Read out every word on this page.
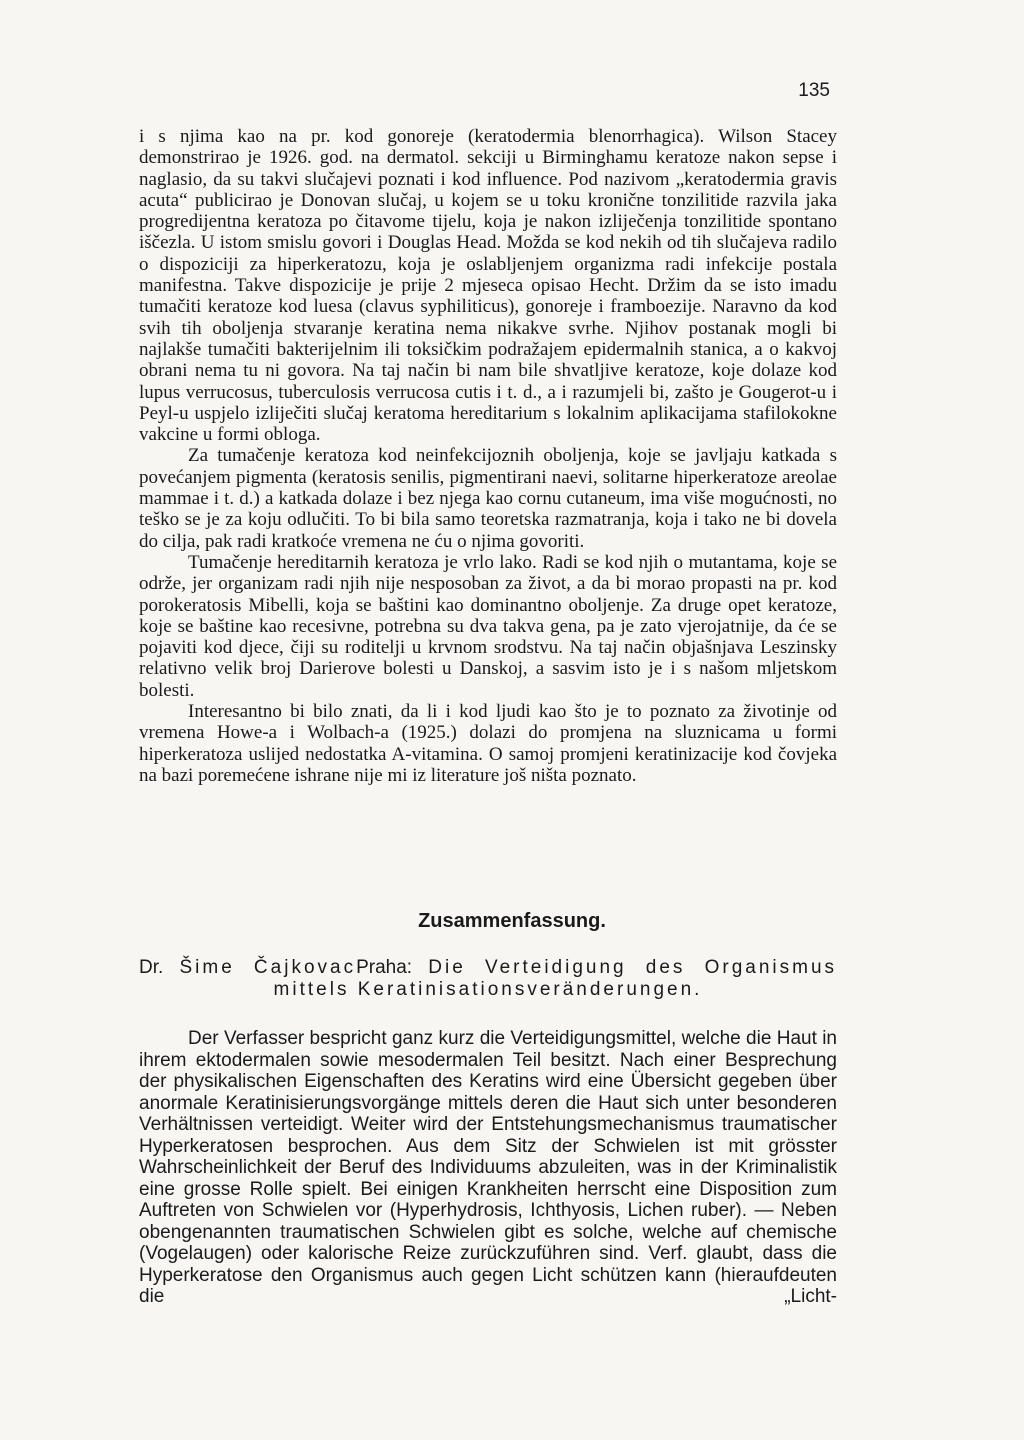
135

i s njima kao na pr. kod gonoreje (keratodermia blenorrhagica). Wilson Stacey demonstrirao je 1926. god. na dermatol. sekciji u Birminghamu keratoze nakon sepse i naglasio, da su takvi slučajevi poznati i kod influence. Pod nazivom „keratodermia gravis acuta“ publicirao je Donovan slučaj, u kojem se u toku kronične tonzilitide razvila jaka progredijentna keratoza po čitavome tijelu, koja je nakon izliječenja tonzilitide spontano iščezla. U istom smislu govori i Douglas Head. Možda se kod nekih od tih slučajeva radilo o dispoziciji za hiperkeratozu, koja je oslabljenjem organizma radi infekcije postala manifestna. Takve dispozicije je prije 2 mjeseca opisao Hecht. Držim da se isto imadu tumačiti keratoze kod luesa (clavus syphiliticus), gonoreje i framboezije. Naravno da kod svih tih oboljenja stvaranje keratina nema nikakve svrhe. Njihov postanak mogli bi najlakše tumačiti bakterijelnim ili toksičkim podražajem epidermalnih stanica, a o kakvoj obrani nema tu ni govora. Na taj način bi nam bile shvatljive keratoze, koje dolaze kod lupus verrucosus, tuberculosis verrucosa cutis i t. d., a i razumjeli bi, zašto je Gougerot-u i Peyl-u uspjelo izliječiti slučaj keratoma hereditarium s lokalnim aplikacijama stafilokokne vakcine u formi obloga.

Za tumačenje keratoza kod neinfekcijoznih oboljenja, koje se javljaju katkada s povećanjem pigmenta (keratosis senilis, pigmentirani naevi, solitarne hiperkeratoze areolae mammae i t. d.) a katkada dolaze i bez njega kao cornu cutaneum, ima više mogućnosti, no teško se je za koju odlučiti. To bi bila samo teoretska razmatranja, koja i tako ne bi dovela do cilja, pak radi kratkoće vremena ne ću o njima govoriti.

Tumačenje hereditarnih keratoza je vrlo lako. Radi se kod njih o mutantama, koje se održe, jer organizam radi njih nije nesposoban za život, a da bi morao propasti na pr. kod porokeratosis Mibelli, koja se baštini kao dominantno oboljenje. Za druge opet keratoze, koje se baštine kao recesivne, potrebna su dva takva gena, pa je zato vjerojatnije, da će se pojaviti kod djece, čiji su roditelji u krvnom srodstvu. Na taj način objašnjava Leszinsky relativno velik broj Darierove bolesti u Danskoj, a sasvim isto je i s našom mljetskom bolesti.

Interesantno bi bilo znati, da li i kod ljudi kao što je to poznato za životinje od vremena Howe-a i Wolbach-a (1925.) dolazi do promjena na sluznicama u formi hiperkeratoza uslijed nedostatka A-vitamina. O samoj promjeni keratinizacije kod čovjeka na bazi poremećene ishrane nije mi iz literature još ništa poznato.

Zusammenfassung.

Dr. Šime ČajkovacPraha: Die Verteidigung des Organismus

mittels Keratinisationsveränderungen.

Der Verfasser bespricht ganz kurz die Verteidigungsmittel, welche die Haut in ihrem ektodermalen sowie mesodermalen Teil besitzt. Nach einer Besprechung der physikalischen Eigenschaften des Keratins wird eine Übersicht gegeben über anormale Keratinisierungsvorgänge mittels deren die Haut sich unter besonderen Verhältnissen verteidigt. Weiter wird der Entstehungsmechanismus traumatischer Hyperkeratosen besprochen. Aus dem Sitz der Schwielen ist mit grösster Wahrscheinlichkeit der Beruf des Individuums abzuleiten, was in der Kriminalistik eine grosse Rolle spielt. Bei einigen Krankheiten herrscht eine Disposition zum Auftreten von Schwielen vor (Hyperhydrosis, Ichthyosis, Lichen ruber). — Neben obengenannten traumatischen Schwielen gibt es solche, welche auf chemische (Vogelaugen) oder kalorische Reize zurückzuführen sind. Verf. glaubt, dass die Hyperkeratose den Organismus auch gegen Licht schützen kann (hieraufdeuten die „Licht-
